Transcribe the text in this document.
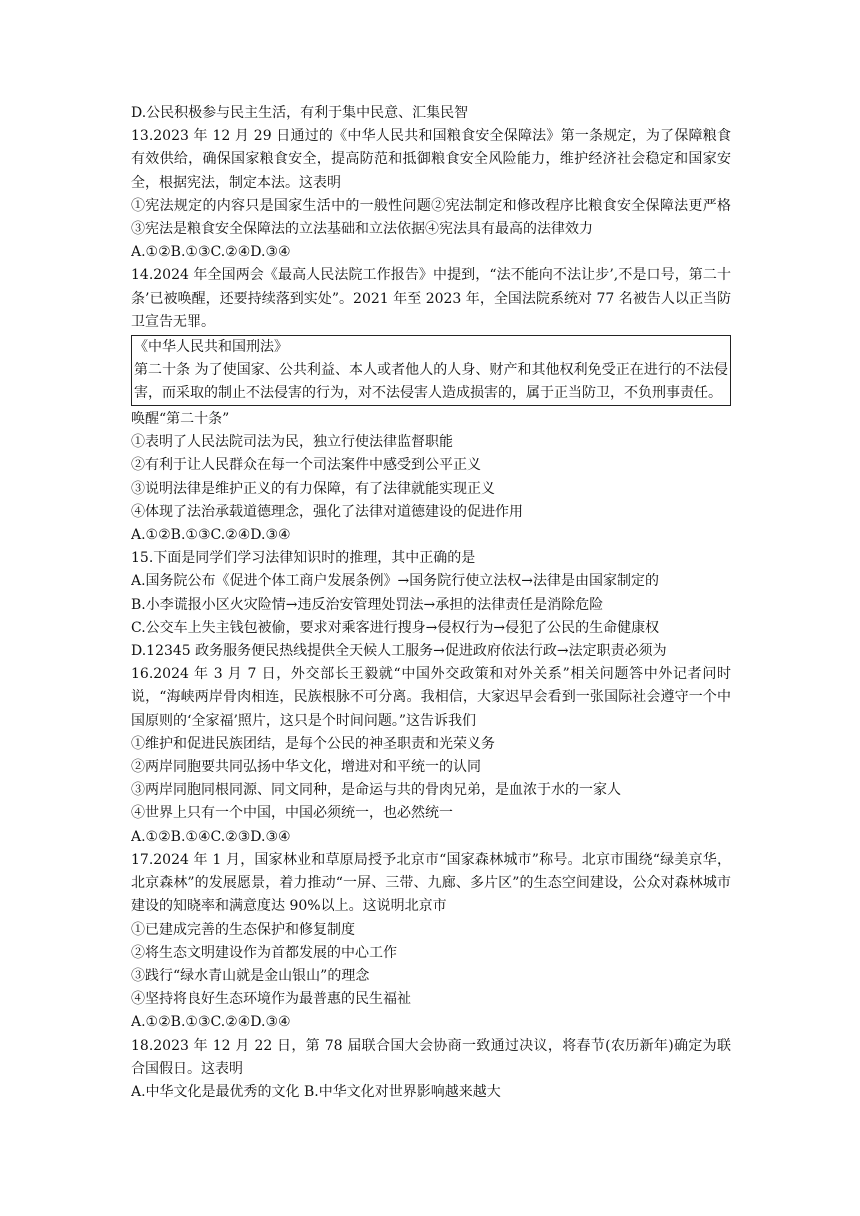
D.公民积极参与民主生活，有利于集中民意、汇集民智
13.2023 年 12 月 29 日通过的《中华人民共和国粮食安全保障法》第一条规定，为了保障粮食有效供给，确保国家粮食安全，提高防范和抵御粮食安全风险能力，维护经济社会稳定和国家安全，根据宪法，制定本法。这表明
①宪法规定的内容只是国家生活中的一般性问题②宪法制定和修改程序比粮食安全保障法更严格③宪法是粮食安全保障法的立法基础和立法依据④宪法具有最高的法律效力
A.①②B.①③C.②④D.③④
14.2024 年全国两会《最高人民法院工作报告》中提到，“法不能向不法让步’,不是口号，第二十条’已被唤醒，还要持续落到实处”。2021 年至 2023 年，全国法院系统对 77 名被告人以正当防卫宣告无罪。
《中华人民共和国刑法》
第二十条 为了使国家、公共利益、本人或者他人的人身、财产和其他权利免受正在进行的不法侵害，而采取的制止不法侵害的行为，对不法侵害人造成损害的，属于正当防卫，不负刑事责任。
唤醒“第二十条”
①表明了人民法院司法为民，独立行使法律监督职能
②有利于让人民群众在每一个司法案件中感受到公平正义
③说明法律是维护正义的有力保障，有了法律就能实现正义
④体现了法治承载道德理念，强化了法律对道德建设的促进作用
A.①②B.①③C.②④D.③④
15.下面是同学们学习法律知识时的推理，其中正确的是
A.国务院公布《促进个体工商户发展条例》→国务院行使立法权→法律是由国家制定的
B.小李谎报小区火灾险情→违反治安管理处罚法→承担的法律责任是消除危险
C.公交车上失主钱包被偷，要求对乘客进行搜身→侵权行为→侵犯了公民的生命健康权
D.12345 政务服务便民热线提供全天候人工服务→促进政府依法行政→法定职责必须为
16.2024 年 3 月 7 日，外交部长王毅就“中国外交政策和对外关系”相关问题答中外记者问时说，“海峡两岸骨肉相连，民族根脉不可分离。我相信，大家迟早会看到一张国际社会遵守一个中国原则的‘全家福’照片，这只是个时间问题。”这告诉我们
①维护和促进民族团结，是每个公民的神圣职责和光荣义务
②两岸同胞要共同弘扬中华文化，增进对和平统一的认同
③两岸同胞同根同源、同文同种，是命运与共的骨肉兄弟，是血浓于水的一家人
④世界上只有一个中国，中国必须统一，也必然统一
A.①②B.①④C.②③D.③④
17.2024 年 1 月，国家林业和草原局授予北京市“国家森林城市”称号。北京市围绕“绿美京华，北京森林”的发展愿景，着力推动“一屏、三带、九廊、多片区”的生态空间建设，公众对森林城市建设的知晓率和满意度达 90%以上。这说明北京市
①已建成完善的生态保护和修复制度
②将生态文明建设作为首都发展的中心工作
③践行“绿水青山就是金山银山”的理念
④坚持将良好生态环境作为最普惠的民生福祉
A.①②B.①③C.②④D.③④
18.2023 年 12 月 22 日，第 78 届联合国大会协商一致通过决议，将春节(农历新年)确定为联合国假日。这表明
A.中华文化是最优秀的文化 B.中华文化对世界影响越来越大
